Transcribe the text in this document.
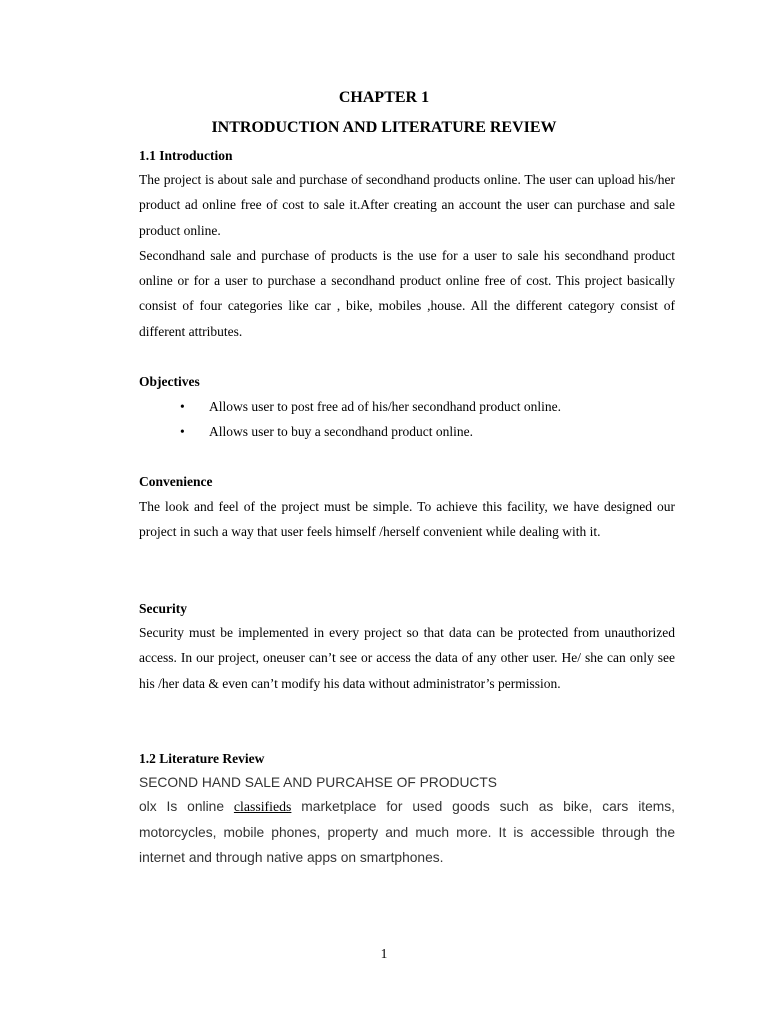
CHAPTER 1
INTRODUCTION AND LITERATURE REVIEW
1.1 Introduction

The project is about sale and purchase of secondhand products online. The user can upload his/her product ad online free of cost to sale it.After creating an account the user can purchase and sale product online.

Secondhand sale and purchase of products is the use for a user to sale his secondhand product online or for a user to purchase a secondhand product online free of cost. This project basically consist of four categories like car , bike, mobiles ,house. All the different category consist of different attributes.

Objectives
•	Allows user to post free ad of his/her secondhand product online.
•	Allows user to buy a secondhand product online.
Convenience

The look and feel of the project must be simple. To achieve this facility, we have designed our project in such a way that user feels himself /herself convenient while dealing with it.

Security

Security must be implemented in every project so that data can be protected from unauthorized access. In our project, oneuser can’t see or access the data of any other user. He/ she can only see his /her data & even can’t modify his data without administrator’s permission.

1.2 Literature Review
SECOND HAND SALE AND PURCAHSE OF PRODUCTS

olx Is online classifieds marketplace for used goods such as bike, cars items, motorcycles, mobile phones, property and much more. It is accessible through the internet and through native apps on smartphones.

1
